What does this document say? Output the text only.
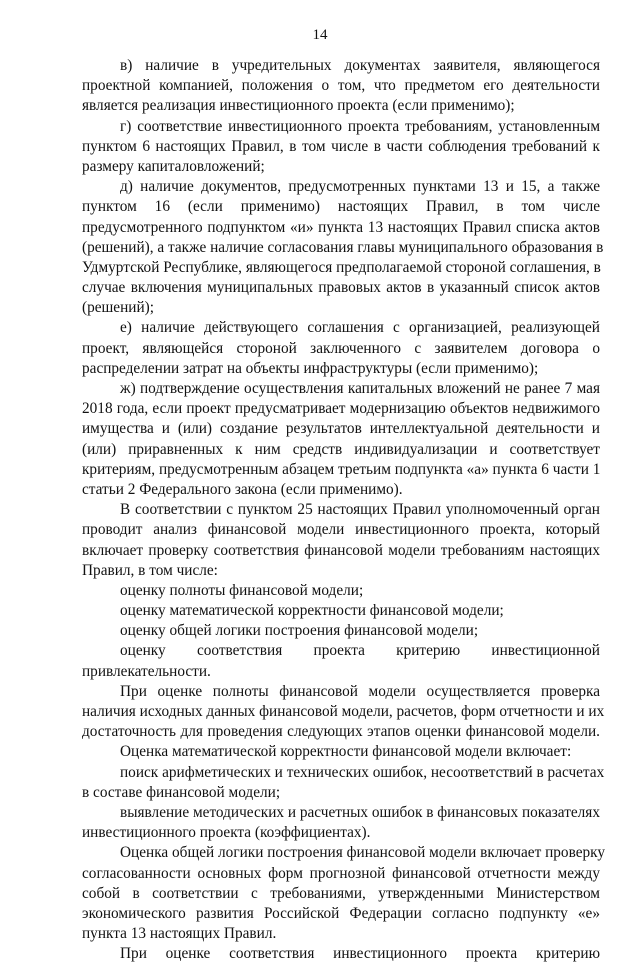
14
в) наличие в учредительных документах заявителя, являющегося
проектной компанией, положения о том, что предметом его деятельности
является реализация инвестиционного проекта (если применимо);
г) соответствие инвестиционного проекта требованиям, установленным
пунктом 6 настоящих Правил, в том числе в части соблюдения требований к
размеру капиталовложений;
д) наличие документов, предусмотренных пунктами 13 и 15, а также
пунктом 16 (если применимо) настоящих Правил, в том числе
предусмотренного подпунктом «и» пункта 13 настоящих Правил списка актов
(решений), а также наличие согласования главы муниципального образования в
Удмуртской Республике, являющегося предполагаемой стороной соглашения, в
случае включения муниципальных правовых актов в указанный список актов
(решений);
е) наличие действующего соглашения с организацией, реализующей
проект, являющейся стороной заключенного с заявителем договора о
распределении затрат на объекты инфраструктуры (если применимо);
ж) подтверждение осуществления капитальных вложений не ранее 7 мая
2018 года, если проект предусматривает модернизацию объектов недвижимого
имущества и (или) создание результатов интеллектуальной деятельности и
(или) приравненных к ним средств индивидуализации и соответствует
критериям, предусмотренным абзацем третьим подпункта «а» пункта 6 части 1
статьи 2 Федерального закона (если применимо).
В соответствии с пунктом 25 настоящих Правил уполномоченный орган
проводит анализ финансовой модели инвестиционного проекта, который
включает проверку соответствия финансовой модели требованиям настоящих
Правил, в том числе:
оценку полноты финансовой модели;
оценку математической корректности финансовой модели;
оценку общей логики построения финансовой модели;
оценку соответствия проекта критерию инвестиционной
привлекательности.
При оценке полноты финансовой модели осуществляется проверка
наличия исходных данных финансовой модели, расчетов, форм отчетности и их
достаточность для проведения следующих этапов оценки финансовой модели.
Оценка математической корректности финансовой модели включает:
поиск арифметических и технических ошибок, несоответствий в расчетах
в составе финансовой модели;
выявление методических и расчетных ошибок в финансовых показателях
инвестиционного проекта (коэффициентах).
Оценка общей логики построения финансовой модели включает проверку
согласованности основных форм прогнозной финансовой отчетности между
собой в соответствии с требованиями, утвержденными Министерством
экономического развития Российской Федерации согласно подпункту «е»
пункта 13 настоящих Правил.
При оценке соответствия инвестиционного проекта критерию
